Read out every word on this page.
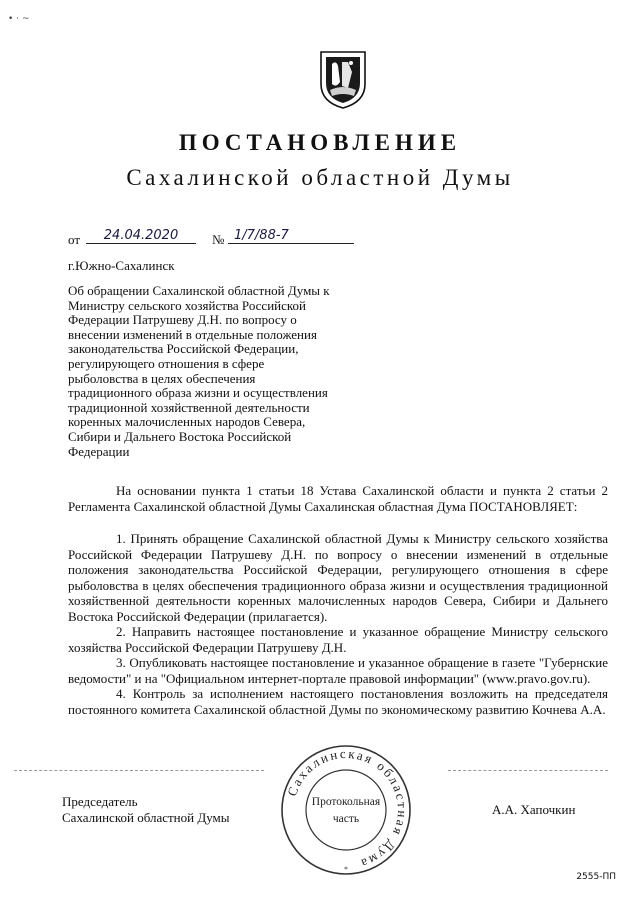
• · ~
ПОСТАНОВЛЕНИЕ
Сахалинской областной Думы
от	24.04.2020	№ 1/7/88-7
г.Южно-Сахалинск
Об обращении Сахалинской областной Думы к
Министру сельского хозяйства Российской
Федерации Патрушеву Д.Н. по вопросу о
внесении изменений в отдельные положения
законодательства Российской Федерации,
регулирующего отношения в сфере
рыболовства в целях обеспечения
традиционного образа жизни и осуществления
традиционной хозяйственной деятельности
коренных малочисленных народов Севера,
Сибири и Дальнего Востока Российской
Федерации

На основании пункта 1 статьи 18 Устава Сахалинской области и пункта 2 статьи 2 Регламента Сахалинской областной Думы Сахалинская областная Дума ПОСТАНОВЛЯЕТ:

1. Принять обращение Сахалинской областной Думы к Министру сельского хозяйства Российской Федерации Патрушеву Д.Н. по вопросу о внесении изменений в отдельные положения законодательства Российской Федерации, регулирующего отношения в сфере рыболовства в целях обеспечения традиционного образа жизни и осуществления традиционной хозяйственной деятельности коренных малочисленных народов Севера, Сибири и Дальнего Востока Российской Федерации (прилагается).

2. Направить настоящее постановление и указанное обращение Министру сельского хозяйства Российской Федерации Патрушеву Д.Н.

3. Опубликовать настоящее постановление и указанное обращение в газете "Губернские ведомости" и на "Официальном интернет-портале правовой информации" (www.pravo.gov.ru).

4. Контроль за исполнением настоящего постановления возложить на председателя постоянного комитета Сахалинской областной Думы по экономическому развитию Кочнева А.А.

Председатель
Сахалинской областной Думы
А.А. Хапочкин
Сахалинская областная Дума
Протокольная
часть
*
2555-ПП
